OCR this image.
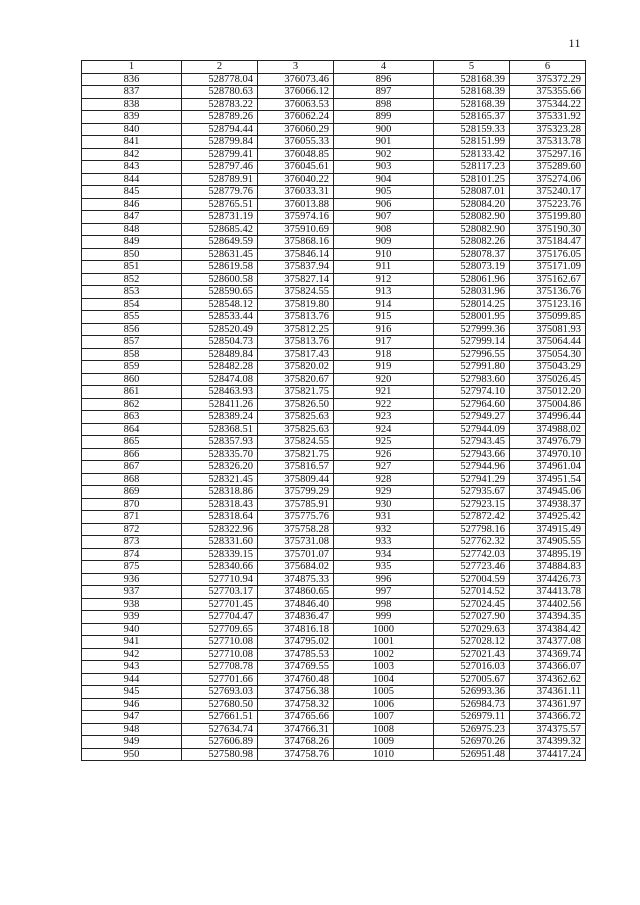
11
1	2	3	4	5	6
836	528778.04	376073.46	896	528168.39	375372.29
837	528780.63	376066.12	897	528168.39	375355.66
838	528783.22	376063.53	898	528168.39	375344.22
839	528789.26	376062.24	899	528165.37	375331.92
840	528794.44	376060.29	900	528159.33	375323.28
841	528799.84	376055.33	901	528151.99	375313.78
842	528799.41	376048.85	902	528133.42	375297.16
843	528797.46	376045.61	903	528117.23	375289.60
844	528789.91	376040.22	904	528101.25	375274.06
845	528779.76	376033.31	905	528087.01	375240.17
846	528765.51	376013.88	906	528084.20	375223.76
847	528731.19	375974.16	907	528082.90	375199.80
848	528685.42	375910.69	908	528082.90	375190.30
849	528649.59	375868.16	909	528082.26	375184.47
850	528631.45	375846.14	910	528078.37	375176.05
851	528619.58	375837.94	911	528073.19	375171.09
852	528600.58	375827.14	912	528061.96	375162.67
853	528590.65	375824.55	913	528031.96	375136.76
854	528548.12	375819.80	914	528014.25	375123.16
855	528533.44	375813.76	915	528001.95	375099.85
856	528520.49	375812.25	916	527999.36	375081.93
857	528504.73	375813.76	917	527999.14	375064.44
858	528489.84	375817.43	918	527996.55	375054.30
859	528482.28	375820.02	919	527991.80	375043.29
860	528474.08	375820.67	920	527983.60	375026.45
861	528463.93	375821.75	921	527974.10	375012.20
862	528411.26	375826.50	922	527964.60	375004.86
863	528389.24	375825.63	923	527949.27	374996.44
864	528368.51	375825.63	924	527944.09	374988.02
865	528357.93	375824.55	925	527943.45	374976.79
866	528335.70	375821.75	926	527943.66	374970.10
867	528326.20	375816.57	927	527944.96	374961.04
868	528321.45	375809.44	928	527941.29	374951.54
869	528318.86	375799.29	929	527935.67	374945.06
870	528318.43	375785.91	930	527923.15	374938.37
871	528318.64	375775.76	931	527872.42	374925.42
872	528322.96	375758.28	932	527798.16	374915.49
873	528331.60	375731.08	933	527762.32	374905.55
874	528339.15	375701.07	934	527742.03	374895.19
875	528340.66	375684.02	935	527723.46	374884.83
936	527710.94	374875.33	996	527004.59	374426.73
937	527703.17	374860.65	997	527014.52	374413.78
938	527701.45	374846.40	998	527024.45	374402.56
939	527704.47	374836.47	999	527027.90	374394.35
940	527709.65	374816.18	1000	527029.63	374384.42
941	527710.08	374795.02	1001	527028.12	374377.08
942	527710.08	374785.53	1002	527021.43	374369.74
943	527708.78	374769.55	1003	527016.03	374366.07
944	527701.66	374760.48	1004	527005.67	374362.62
945	527693.03	374756.38	1005	526993.36	374361.11
946	527680.50	374758.32	1006	526984.73	374361.97
947	527661.51	374765.66	1007	526979.11	374366.72
948	527634.74	374766.31	1008	526975.23	374375.57
949	527606.89	374768.26	1009	526970.26	374399.32
950	527580.98	374758.76	1010	526951.48	374417.24
